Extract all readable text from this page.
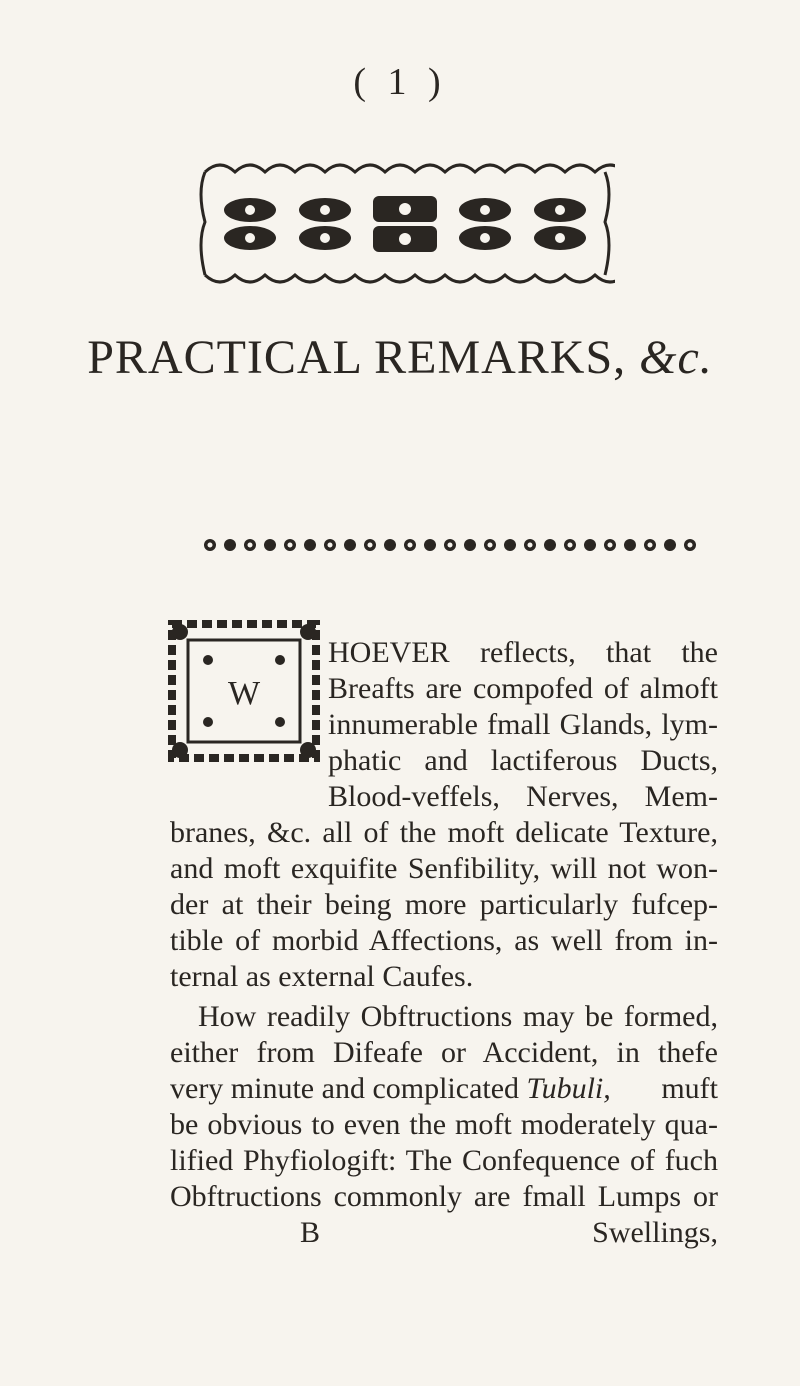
( 1 )
PRACTICAL REMARKS, &c.
W
HOEVER reflects, that the
Breafts are compofed of almoft
innumerable fmall Glands, lym-
phatic and lactiferous Ducts,
Blood-veffels, Nerves, Mem-
branes, &c. all of the moft delicate Texture,
and moft exquifite Senfibility, will not won-
der at their being more particularly fufcep-
tible of morbid Affections, as well from in-
ternal as external Caufes.
How readily Obftructions may be formed,
either from Difeafe or Accident, in thefe
very minute and complicated Tubuli, muft
be obvious to even the moft moderately qua-
lified Phyfiologift: The Confequence of fuch
Obftructions commonly are fmall Lumps or
B	Swellings,
